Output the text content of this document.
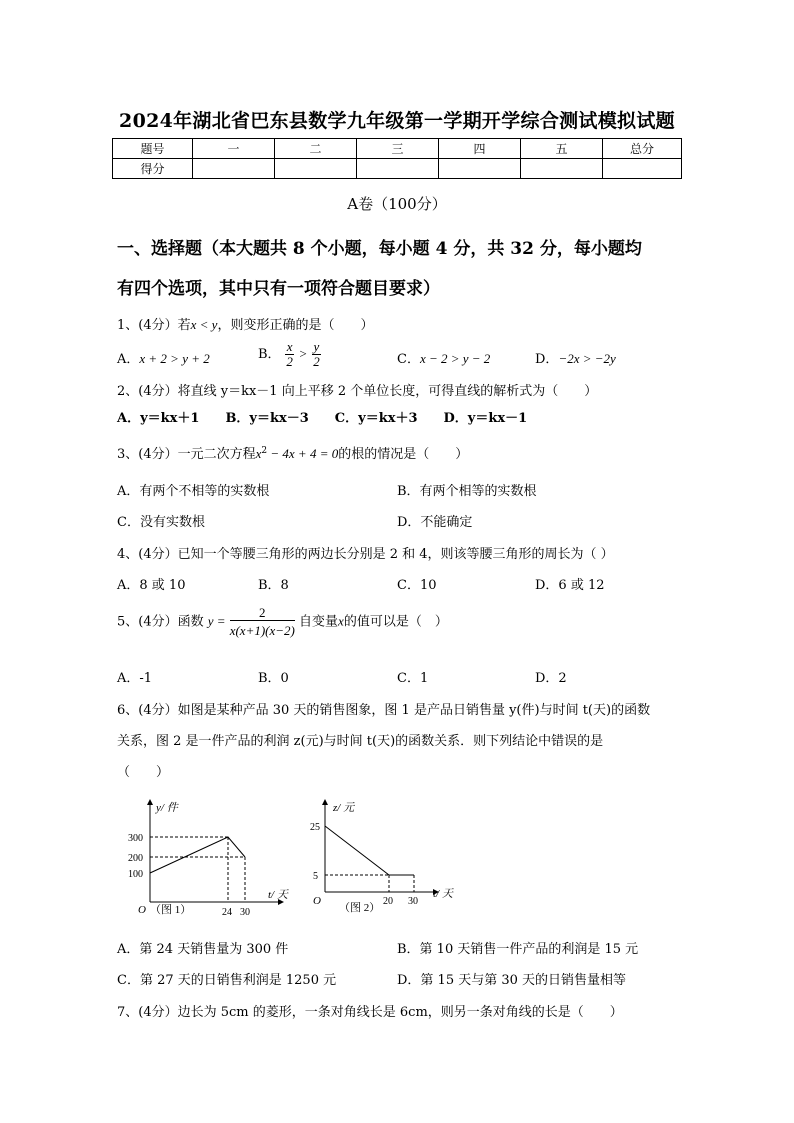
2024年湖北省巴东县数学九年级第一学期开学综合测试模拟试题
题号	一	二	三	四	五	总分
得分						
A卷（100分）
一、选择题（本大题共 8 个小题，每小题 4 分，共 32 分，每小题均
有四个选项，其中只有一项符合题目要求）
1、(4分）若x < y，则变形正确的是（　　）
A．x + 2 > y + 2	B． $\frac{x}{2} > \frac{y}{2}$	C．x − 2 > y − 2	D．−2x > −2y
2、(4分）将直线 y＝kx－1 向上平移 2 个单位长度，可得直线的解析式为（　　）
A．y＝kx＋1　　B．y＝kx－3　　C．y＝kx＋3　　D．y＝kx－1
3、(4分）一元二次方程$x^2 - 4x + 4 = 0$的根的情况是（　　）
A．有两个不相等的实数根	B．有两个相等的实数根
C．没有实数根	D．不能确定
4、(4分）已知一个等腰三角形的两边长分别是 2 和 4，则该等腰三角形的周长为（ ）
A．8 或 10	B．8	C．10	D．6 或 12
5、(4分）函数 $y = \frac{2}{x(x+1)(x-2)}$ 自变量x的值可以是（　）
A．-1	B．0	C．1	D．2
6、(4分）如图是某种产品 30 天的销售图象，图 1 是产品日销售量 y(件)与时间 t(天)的函数
关系，图 2 是一件产品的利润 z(元)与时间 t(天)的函数关系．则下列结论中错误的是
（　　）
y/ 件
t/ 天
300
200
100
24 30
O （图 1）
z/ 元
t/ 天
25
5
20 30
O
（图 2）
A．第 24 天销售量为 300 件	B．第 10 天销售一件产品的利润是 15 元
C．第 27 天的日销售利润是 1250 元	D．第 15 天与第 30 天的日销售量相等
7、(4分）边长为 5cm 的菱形，一条对角线长是 6cm，则另一条对角线的长是（　　）
